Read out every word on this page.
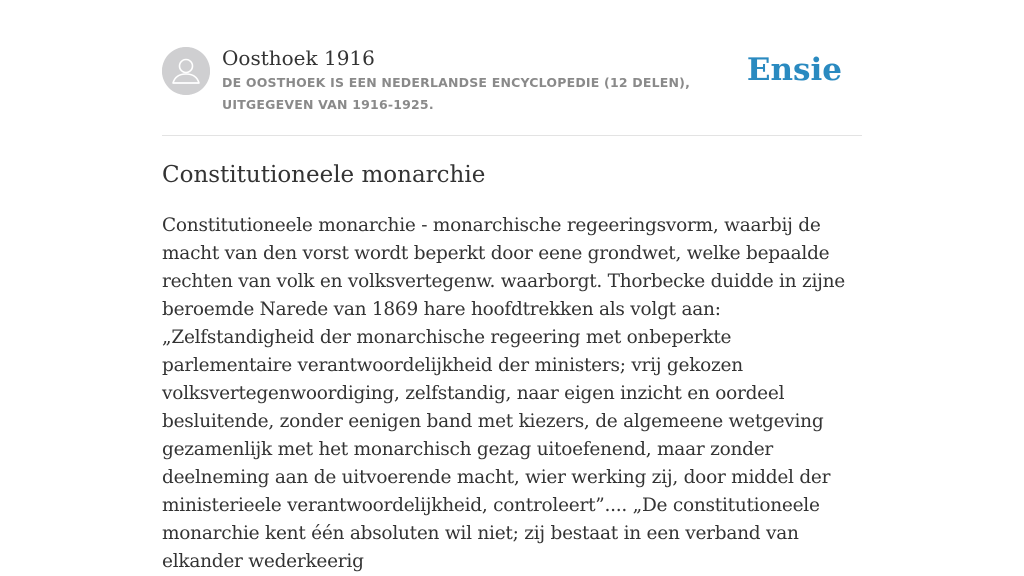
Oosthoek 1916
DE OOSTHOEK IS EEN NEDERLANDSE ENCYCLOPEDIE (12 DELEN), UITGEGEVEN VAN 1916-1925.
Ensie
Constitutioneele monarchie

Constitutioneele monarchie - monarchische regeeringsvorm, waarbij de macht van den vorst wordt beperkt door eene grondwet, welke bepaalde rechten van volk en volksvertegenw. waarborgt. Thorbecke duidde in zijne beroemde Narede van 1869 hare hoofdtrekken als volgt aan: „Zelfstandigheid der monarchische regeering met onbeperkte parlementaire verantwoordelijkheid der ministers; vrij gekozen volksvertegenwoordiging, zelfstandig, naar eigen inzicht en oordeel besluitende, zonder eenigen band met kiezers, de algemeene wetgeving gezamenlijk met het monarchisch gezag uitoefenend, maar zonder deelneming aan de uitvoerende macht, wier werking zij, door middel der ministerieele verantwoordelijkheid, controleert”.... „De constitutioneele monarchie kent één absoluten wil niet; zij bestaat in een verband van elkander wederkeerig
